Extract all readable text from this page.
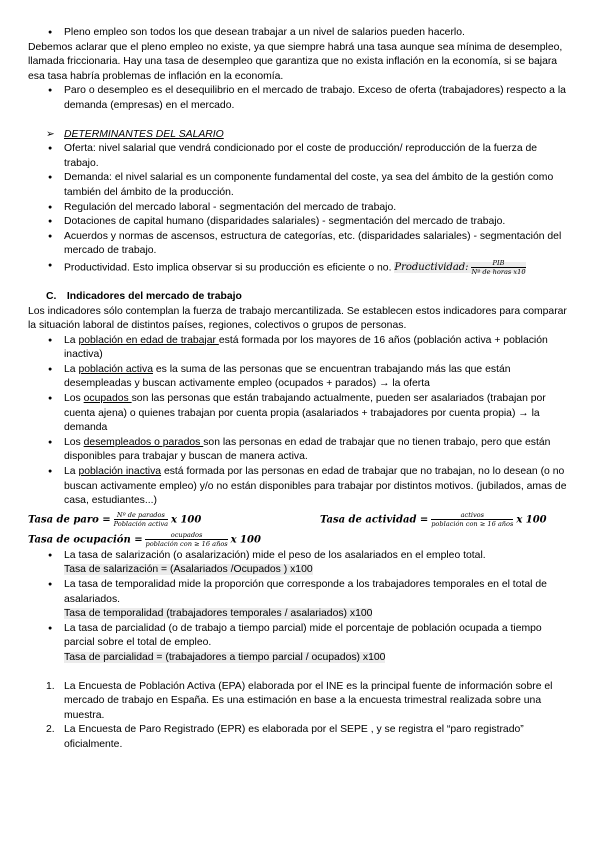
● Pleno empleo son todos los que desean trabajar a un nivel de salarios pueden hacerlo.
Debemos aclarar que el pleno empleo no existe, ya que siempre habrá una tasa aunque sea mínima de desempleo, llamada friccionaria. Hay una tasa de desempleo que garantiza que no exista inflación en la economía, si se bajara esa tasa habría problemas de inflación en la economía.
● Paro o desempleo es el desequilibrio en el mercado de trabajo. Exceso de oferta (trabajadores) respecto a la demanda (empresas) en el mercado.
➢ DETERMINANTES DEL SALARIO
● Oferta: nivel salarial que vendrá condicionado por el coste de producción/ reproducción de la fuerza de trabajo.
● Demanda: el nivel salarial es un componente fundamental del coste, ya sea del ámbito de la gestión como también del ámbito de la producción.
● Regulación del mercado laboral - segmentación del mercado de trabajo.
● Dotaciones de capital humano (disparidades salariales) - segmentación del mercado de trabajo.
● Acuerdos y normas de ascensos, estructura de categorías, etc. (disparidades salariales) - segmentación del mercado de trabajo.
● Productividad. Esto implica observar si su producción es eficiente o no. Productividad: $\frac{\text{PIB}}{\text{Nº de horas x10}}$
C. Indicadores del mercado de trabajo
Los indicadores sólo contemplan la fuerza de trabajo mercantilizada. Se establecen estos indicadores para comparar la situación laboral de distintos países, regiones, colectivos o grupos de personas.
● La población en edad de trabajar está formada por los mayores de 16 años (población activa + población inactiva)
● La población activa es la suma de las personas que se encuentran trabajando más las que están desempleadas y buscan activamente empleo (ocupados + parados) → la oferta
● Los ocupados son las personas que están trabajando actualmente, pueden ser asalariados (trabajan por cuenta ajena) o quienes trabajan por cuenta propia (asalariados + trabajadores por cuenta propia) → la demanda
● Los desempleados o parados son las personas en edad de trabajar que no tienen trabajo, pero que están disponibles para trabajar y buscan de manera activa.
● La población inactiva está formada por las personas en edad de trabajar que no trabajan, no lo desean (o no buscan activamente empleo) y/o no están disponibles para trabajar por distintos motivos. (jubilados, amas de casa, estudiantes...)
Tasa de paro = $\frac{\text{Nº de parados}}{\text{Población activa}}$ x 100	Tasa de actividad = $\frac{\text{activos}}{\text{población con ≥ 16 años}}$ x 100
Tasa de ocupación = $\frac{\text{ocupados}}{\text{población con ≥ 16 años}}$ x 100
● La tasa de salarización (o asalarización) mide el peso de los asalariados en el empleo total.
Tasa de salarización = (Asalariados /Ocupados ) x100
● La tasa de temporalidad mide la proporción que corresponde a los trabajadores temporales en el total de asalariados.
Tasa de temporalidad (trabajadores temporales / asalariados) x100
● La tasa de parcialidad (o de trabajo a tiempo parcial) mide el porcentaje de población ocupada a tiempo parcial sobre el total de empleo.
Tasa de parcialidad = (trabajadores a tiempo parcial / ocupados) x100
1. La Encuesta de Población Activa (EPA) elaborada por el INE es la principal fuente de información sobre el mercado de trabajo en España. Es una estimación en base a la encuesta trimestral realizada sobre una muestra.
2. La Encuesta de Paro Registrado (EPR) es elaborada por el SEPE , y se registra el “paro registrado” oficialmente.
